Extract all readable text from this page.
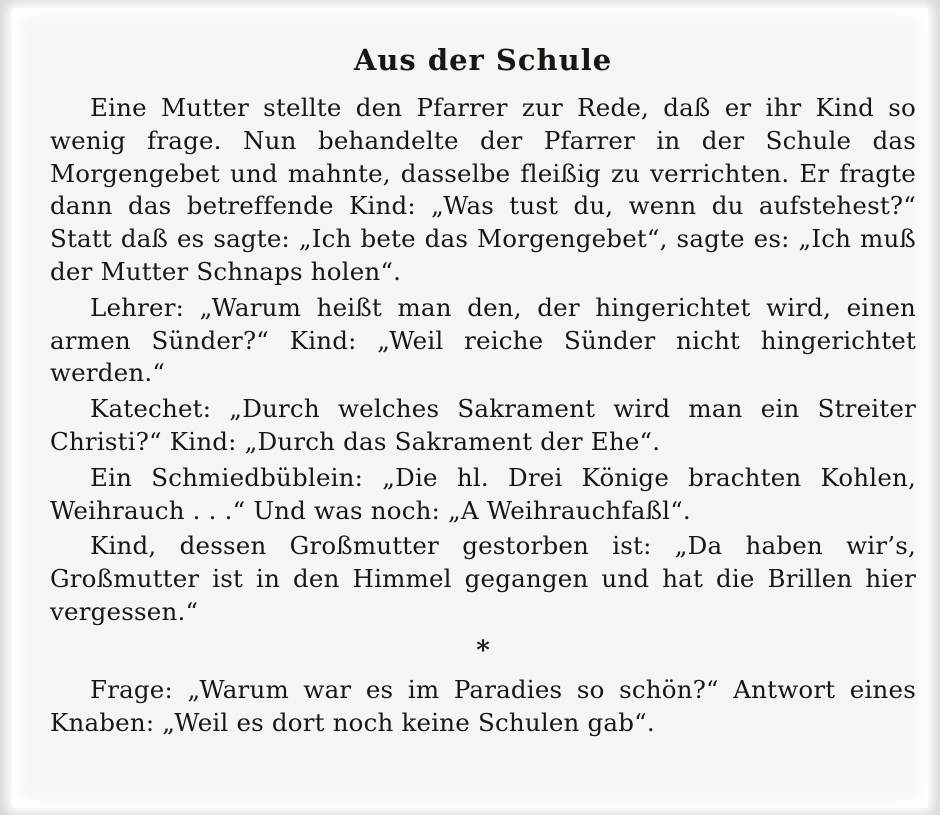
Aus der Schule

Eine Mutter stellte den Pfarrer zur Rede, daß er ihr Kind so wenig frage. Nun behandelte der Pfarrer in der Schule das Morgengebet und mahnte, dasselbe fleißig zu verrichten. Er fragte dann das betreffende Kind: „Was tust du, wenn du aufstehest?“ Statt daß es sagte: „Ich bete das Morgengebet“, sagte es: „Ich muß der Mutter Schnaps holen“.

Lehrer: „Warum heißt man den, der hingerichtet wird, einen armen Sünder?“ Kind: „Weil reiche Sünder nicht hingerichtet werden.“

Katechet: „Durch welches Sakrament wird man ein Streiter Christi?“ Kind: „Durch das Sakrament der Ehe“.

Ein Schmiedbüblein: „Die hl. Drei Könige brachten Kohlen, Weihrauch . . .“ Und was noch: „A Weihrauchfaßl“.

Kind, dessen Großmutter gestorben ist: „Da haben wir’s, Großmutter ist in den Himmel gegangen und hat die Brillen hier vergessen.“

*

Frage: „Warum war es im Paradies so schön?“ Antwort eines Knaben: „Weil es dort noch keine Schulen gab“.
